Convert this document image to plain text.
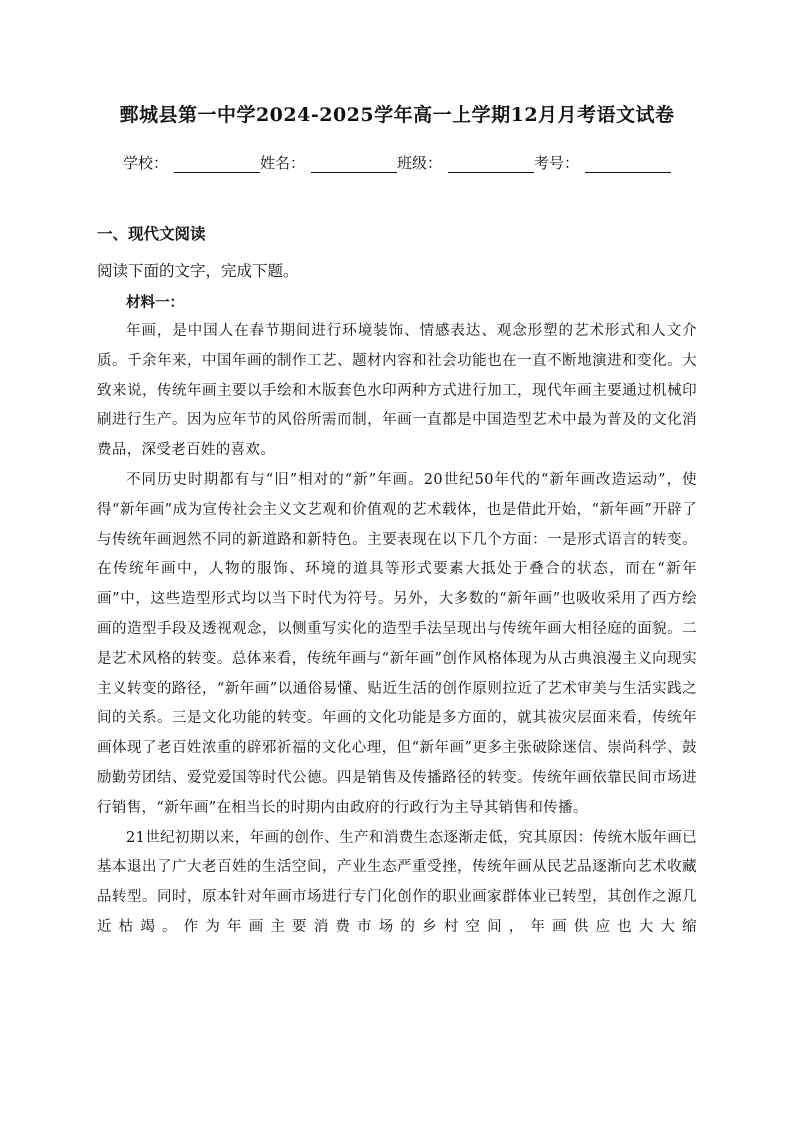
鄄城县第一中学2024-2025学年高一上学期12月月考语文试卷
学校：	姓名：	班级：	考号：
一、现代文阅读
阅读下面的文字，完成下题。
材料一：

年画，是中国人在春节期间进行环境装饰、情感表达、观念形塑的艺术形式和人文介质。千余年来，中国年画的制作工艺、题材内容和社会功能也在一直不断地演进和变化。大致来说，传统年画主要以手绘和木版套色水印两种方式进行加工，现代年画主要通过机械印刷进行生产。因为应年节的风俗所需而制，年画一直都是中国造型艺术中最为普及的文化消费品，深受老百姓的喜欢。

不同历史时期都有与“旧”相对的“新”年画。20世纪50年代的“新年画改造运动”，使得“新年画”成为宣传社会主义文艺观和价值观的艺术载体，也是借此开始，“新年画”开辟了与传统年画迥然不同的新道路和新特色。主要表现在以下几个方面：一是形式语言的转变。在传统年画中，人物的服饰、环境的道具等形式要素大抵处于叠合的状态，而在“新年画”中，这些造型形式均以当下时代为符号。另外，大多数的“新年画”也吸收采用了西方绘画的造型手段及透视观念，以侧重写实化的造型手法呈现出与传统年画大相径庭的面貌。二是艺术风格的转变。总体来看，传统年画与“新年画”创作风格体现为从古典浪漫主义向现实主义转变的路径，“新年画”以通俗易懂、贴近生活的创作原则拉近了艺术审美与生活实践之间的关系。三是文化功能的转变。年画的文化功能是多方面的，就其祓灾层面来看，传统年画体现了老百姓浓重的辟邪祈福的文化心理，但“新年画”更多主张破除迷信、崇尚科学、鼓励勤劳团结、爱党爱国等时代公德。四是销售及传播路径的转变。传统年画依靠民间市场进行销售，“新年画”在相当长的时期内由政府的行政行为主导其销售和传播。

21世纪初期以来，年画的创作、生产和消费生态逐渐走低，究其原因：传统木版年画已基本退出了广大老百姓的生活空间，产业生态严重受挫，传统年画从民艺品逐渐向艺术收藏品转型。同时，原本针对年画市场进行专门化创作的职业画家群体业已转型，其创作之源几近枯竭。作为年画主要消费市场的乡村空间，年画供应也大大缩
